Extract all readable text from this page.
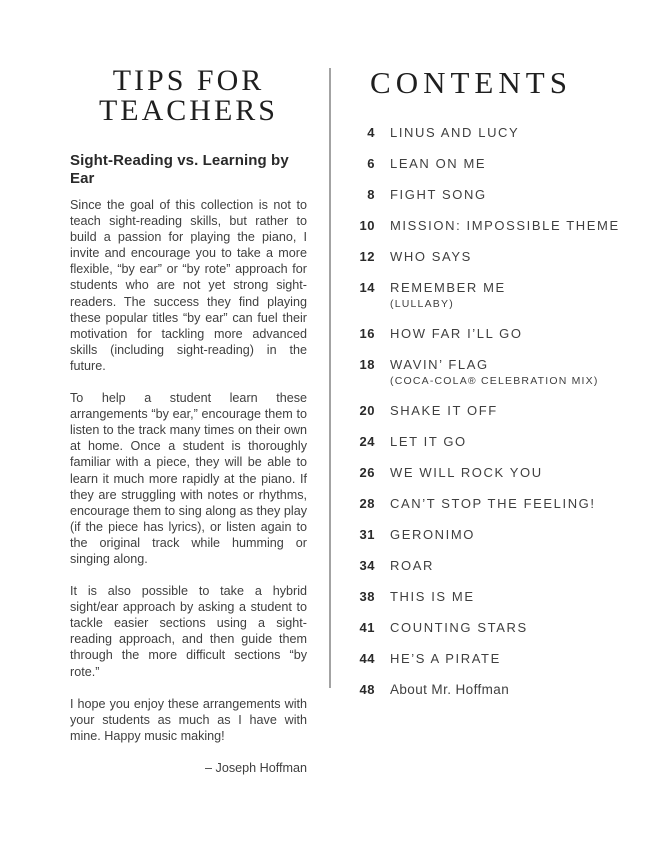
TIPS FOR
TEACHERS
Sight-Reading vs. Learning by Ear

Since the goal of this collection is not to teach sight-reading skills, but rather to build a passion for playing the piano, I invite and encourage you to take a more flexible, “by ear” or “by rote” approach for students who are not yet strong sight-readers. The success they find playing these popular titles “by ear” can fuel their motivation for tackling more advanced skills (including sight-reading) in the future.

To help a student learn these arrangements “by ear,” encourage them to listen to the track many times on their own at home. Once a student is thoroughly familiar with a piece, they will be able to learn it much more rapidly at the piano. If they are struggling with notes or rhythms, encourage them to sing along as they play (if the piece has lyrics), or listen again to the original track while humming or singing along.

It is also possible to take a hybrid sight/ear approach by asking a student to tackle easier sections using a sight-reading approach, and then guide them through the more difficult sections “by rote.”

I hope you enjoy these arrangements with your students as much as I have with mine. Happy music making!

– Joseph Hoffman
CONTENTS
4 LINUS AND LUCY
6 LEAN ON ME
8 FIGHT SONG
10 MISSION: IMPOSSIBLE THEME
12 WHO SAYS
14 REMEMBER ME
(LULLABY)
16 HOW FAR I’LL GO
18 WAVIN’ FLAG
(COCA-COLA® CELEBRATION MIX)
20 SHAKE IT OFF
24 LET IT GO
26 WE WILL ROCK YOU
28 CAN’T STOP THE FEELING!
31 GERONIMO
34 ROAR
38 THIS IS ME
41 COUNTING STARS
44 HE’S A PIRATE
48 About Mr. Hoffman
